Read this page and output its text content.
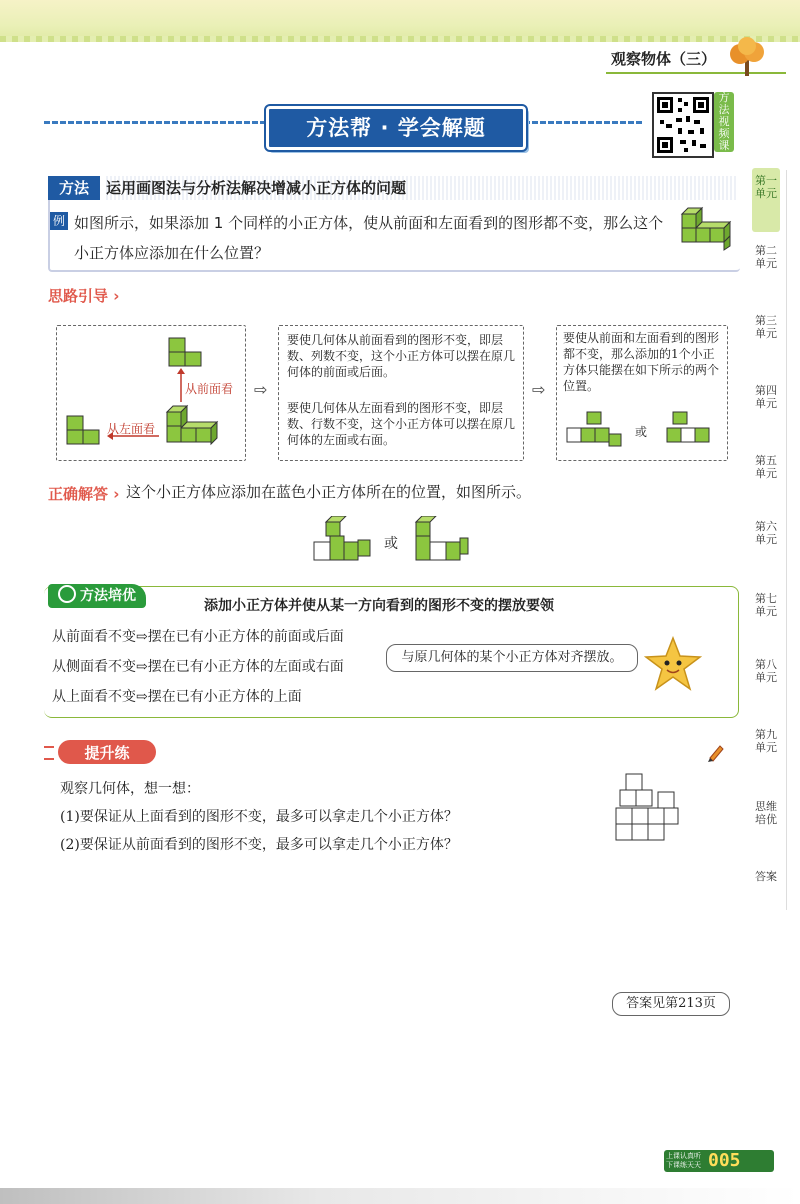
观察物体（三）
方法帮 · 学会解题
方法视频课
方法	运用画图法与分析法解决增减小正方体的问题
例 如图所示，如果添加 1 个同样的小正方体，使从前面和左面看到的图形都不变，那么这个小正方体应添加在什么位置？
思路引导 ›
从前面看
从左面看
⇨
要使几何体从前面看到的图形不变，即层数、列数不变，这个小正方体可以摆在原几何体的前面或后面。
要使几何体从左面看到的图形不变，即层数、行数不变，这个小正方体可以摆在原几何体的左面或右面。
⇨
要使从前面和左面看到的图形都不变，那么添加的1个小正方体只能摆在如下所示的两个位置。
或
正确解答 › 这个小正方体应添加在蓝色小正方体所在的位置，如图所示。
或
方法培优
添加小正方体并使从某一方向看到的图形不变的摆放要领
从前面看不变⇨摆在已有小正方体的前面或后面
从侧面看不变⇨摆在已有小正方体的左面或右面
从上面看不变⇨摆在已有小正方体的上面
与原几何体的某个小正方体对齐摆放。
提升练
观察几何体，想一想：
(1)要保证从上面看到的图形不变，最多可以拿走几个小正方体？
(2)要保证从前面看到的图形不变，最多可以拿走几个小正方体？
答案见第213页
第一单元
第二单元
第三单元
第四单元
第五单元
第六单元
第七单元
第八单元
第九单元
思维培优
答案
上课认真听 下课练天天 005
